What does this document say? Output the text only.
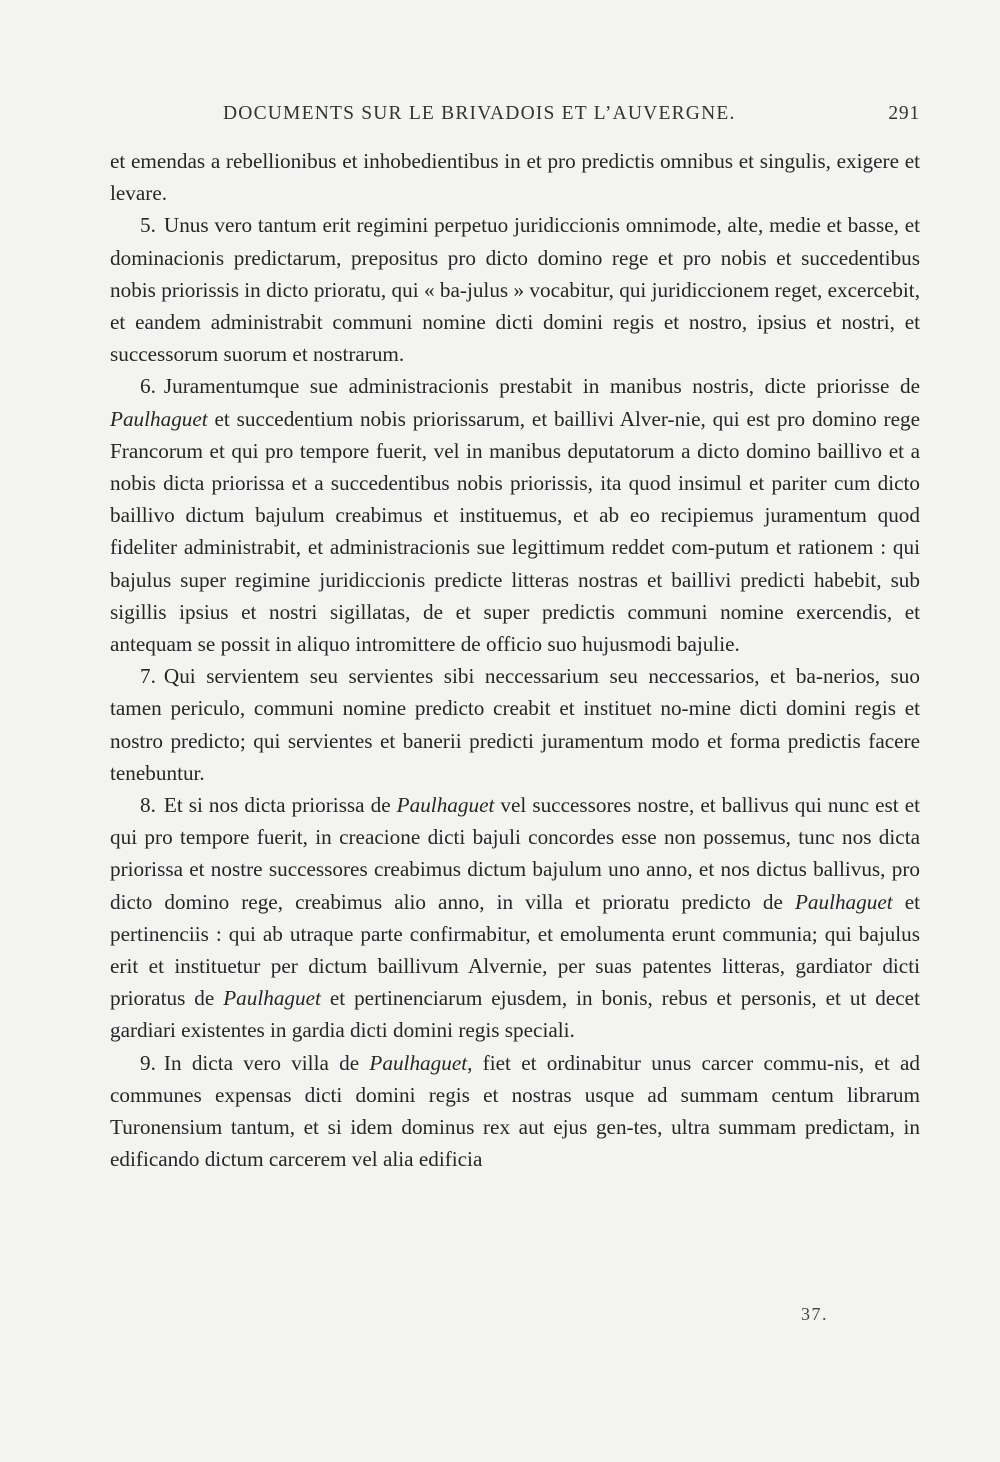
DOCUMENTS SUR LE BRIVADOIS ET L’AUVERGNE.	291

et emendas a rebellionibus et inhobedientibus in et pro predictis omnibus et singulis, exigere et levare.

5. Unus vero tantum erit regimini perpetuo juridiccionis omnimode, alte, medie et basse, et dominacionis predictarum, prepositus pro dicto domino rege et pro nobis et succedentibus nobis priorissis in dicto prioratu, qui « ba-julus » vocabitur, qui juridiccionem reget, excercebit, et eandem administrabit communi nomine dicti domini regis et nostro, ipsius et nostri, et successorum suorum et nostrarum.

6. Juramentumque sue administracionis prestabit in manibus nostris, dicte priorisse de Paulhaguet et succedentium nobis priorissarum, et baillivi Alver-nie, qui est pro domino rege Francorum et qui pro tempore fuerit, vel in manibus deputatorum a dicto domino baillivo et a nobis dicta priorissa et a succedentibus nobis priorissis, ita quod insimul et pariter cum dicto baillivo dictum bajulum creabimus et instituemus, et ab eo recipiemus juramentum quod fideliter administrabit, et administracionis sue legittimum reddet com-putum et rationem : qui bajulus super regimine juridiccionis predicte litteras nostras et baillivi predicti habebit, sub sigillis ipsius et nostri sigillatas, de et super predictis communi nomine exercendis, et antequam se possit in aliquo intromittere de officio suo hujusmodi bajulie.

7. Qui servientem seu servientes sibi neccessarium seu neccessarios, et ba-nerios, suo tamen periculo, communi nomine predicto creabit et instituet no-mine dicti domini regis et nostro predicto; qui servientes et banerii predicti juramentum modo et forma predictis facere tenebuntur.

8. Et si nos dicta priorissa de Paulhaguet vel successores nostre, et ballivus qui nunc est et qui pro tempore fuerit, in creacione dicti bajuli concordes esse non possemus, tunc nos dicta priorissa et nostre successores creabimus dictum bajulum uno anno, et nos dictus ballivus, pro dicto domino rege, creabimus alio anno, in villa et prioratu predicto de Paulhaguet et pertinenciis : qui ab utraque parte confirmabitur, et emolumenta erunt communia; qui bajulus erit et instituetur per dictum baillivum Alvernie, per suas patentes litteras, gardiator dicti prioratus de Paulhaguet et pertinenciarum ejusdem, in bonis, rebus et personis, et ut decet gardiari existentes in gardia dicti domini regis speciali.

9. In dicta vero villa de Paulhaguet, fiet et ordinabitur unus carcer commu-nis, et ad communes expensas dicti domini regis et nostras usque ad summam centum librarum Turonensium tantum, et si idem dominus rex aut ejus gen-tes, ultra summam predictam, in edificando dictum carcerem vel alia edificia

37.
